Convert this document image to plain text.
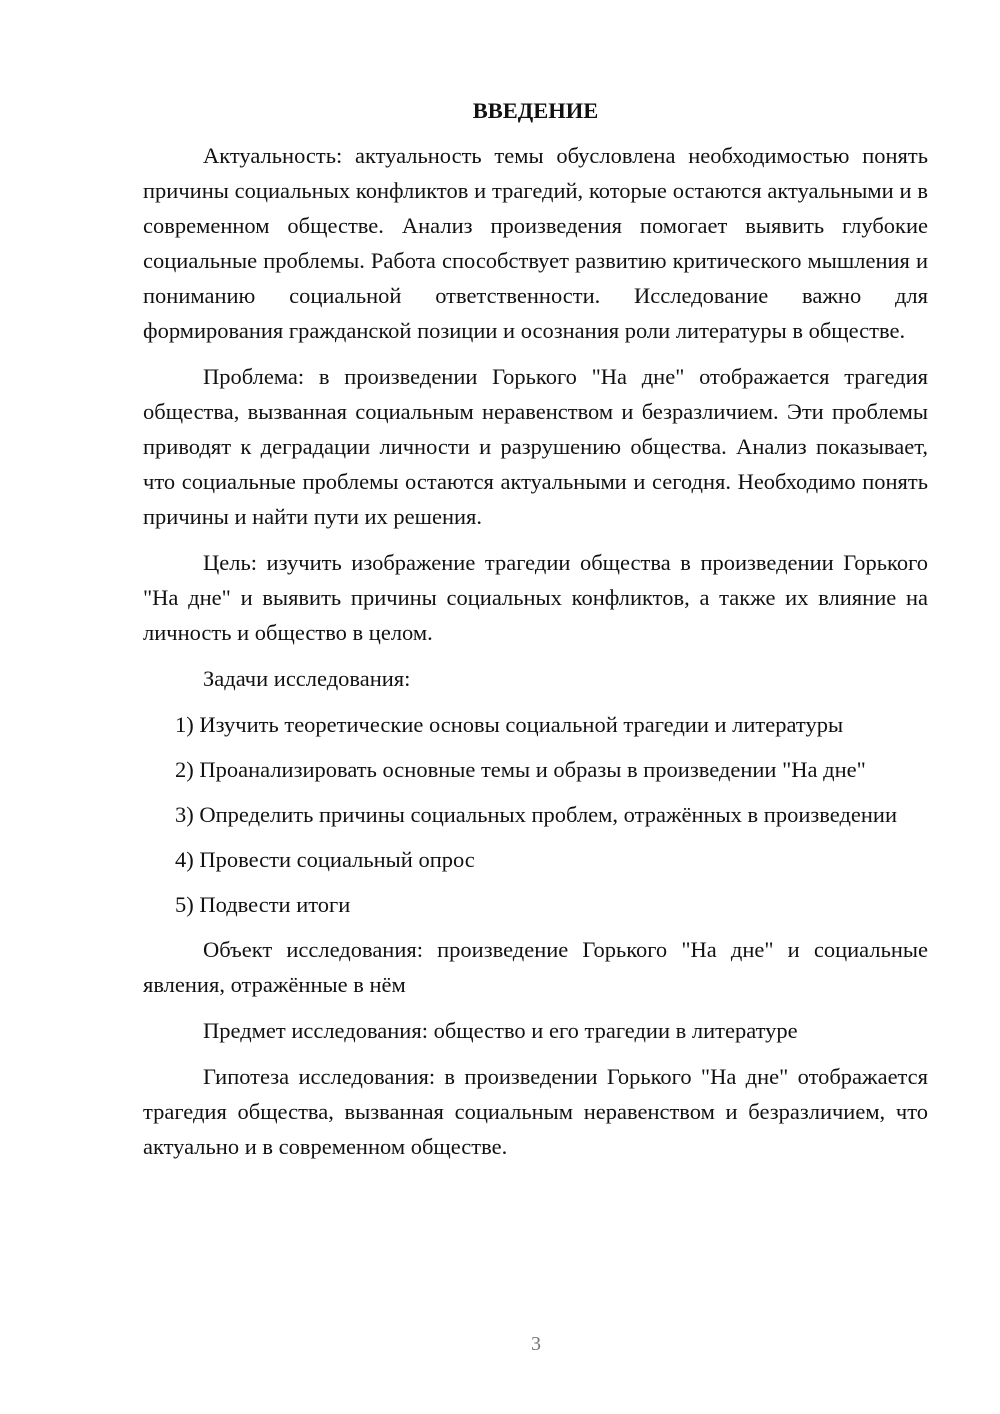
ВВЕДЕНИЕ

Актуальность: актуальность темы обусловлена необходимостью понять причины социальных конфликтов и трагедий, которые остаются актуальными и в современном обществе. Анализ произведения помогает выявить глубокие социальные проблемы. Работа способствует развитию критического мышления и пониманию социальной ответственности. Исследование важно для формирования гражданской позиции и осознания роли литературы в обществе.

Проблема: в произведении Горького "На дне" отображается трагедия общества, вызванная социальным неравенством и безразличием. Эти проблемы приводят к деградации личности и разрушению общества. Анализ показывает, что социальные проблемы остаются актуальными и сегодня. Необходимо понять причины и найти пути их решения.

Цель: изучить изображение трагедии общества в произведении Горького "На дне" и выявить причины социальных конфликтов, а также их влияние на личность и общество в целом.

Задачи исследования:

1) Изучить теоретические основы социальной трагедии и литературы

2) Проанализировать основные темы и образы в произведении "На дне"

3) Определить причины социальных проблем, отражённых в произведении

4) Провести социальный опрос

5) Подвести итоги

Объект исследования: произведение Горького "На дне" и социальные явления, отражённые в нём

Предмет исследования: общество и его трагедии в литературе

Гипотеза исследования: в произведении Горького "На дне" отображается трагедия общества, вызванная социальным неравенством и безразличием, что актуально и в современном обществе.

3
